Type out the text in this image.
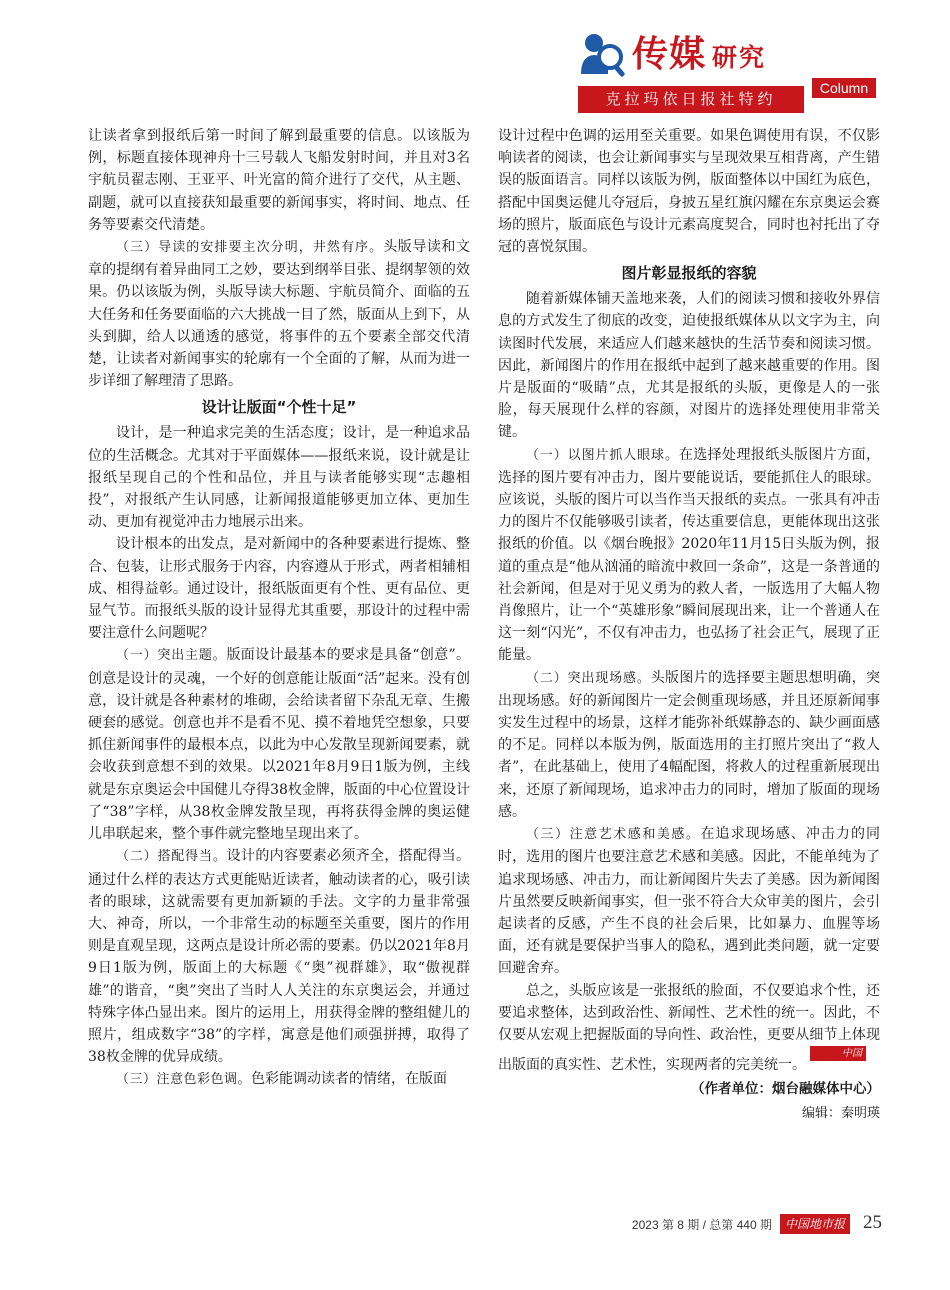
传媒 研究
克拉玛依日报社特约
Column

让读者拿到报纸后第一时间了解到最重要的信息。以该版为例，标题直接体现神舟十三号载人飞船发射时间，并且对3名宇航员翟志刚、王亚平、叶光富的简介进行了交代，从主题、副题，就可以直接获知最重要的新闻事实，将时间、地点、任务等要素交代清楚。

（三）导读的安排要主次分明，井然有序。头版导读和文章的提纲有着异曲同工之妙，要达到纲举目张、提纲挈领的效果。仍以该版为例，头版导读大标题、宇航员简介、面临的五大任务和任务要面临的六大挑战一目了然，版面从上到下，从头到脚，给人以通透的感觉，将事件的五个要素全部交代清楚，让读者对新闻事实的轮廓有一个全面的了解，从而为进一步详细了解理清了思路。

设计让版面“个性十足”

设计，是一种追求完美的生活态度；设计，是一种追求品位的生活概念。尤其对于平面媒体——报纸来说，设计就是让报纸呈现自己的个性和品位，并且与读者能够实现“志趣相投”，对报纸产生认同感，让新闻报道能够更加立体、更加生动、更加有视觉冲击力地展示出来。

设计根本的出发点，是对新闻中的各种要素进行提炼、整合、包装，让形式服务于内容，内容遵从于形式，两者相辅相成、相得益彰。通过设计，报纸版面更有个性、更有品位、更显气节。而报纸头版的设计显得尤其重要，那设计的过程中需要注意什么问题呢？

（一）突出主题。版面设计最基本的要求是具备“创意”。创意是设计的灵魂，一个好的创意能让版面“活”起来。没有创意，设计就是各种素材的堆砌，会给读者留下杂乱无章、生搬硬套的感觉。创意也并不是看不见、摸不着地凭空想象，只要抓住新闻事件的最根本点，以此为中心发散呈现新闻要素，就会收获到意想不到的效果。以2021年8月9日1版为例，主线就是东京奥运会中国健儿夺得38枚金牌，版面的中心位置设计了“38”字样，从38枚金牌发散呈现，再将获得金牌的奥运健儿串联起来，整个事件就完整地呈现出来了。

（二）搭配得当。设计的内容要素必须齐全，搭配得当。通过什么样的表达方式更能贴近读者，触动读者的心，吸引读者的眼球，这就需要有更加新颖的手法。文字的力量非常强大、神奇，所以，一个非常生动的标题至关重要，图片的作用则是直观呈现，这两点是设计所必需的要素。仍以2021年8月9日1版为例，版面上的大标题《“奥”视群雄》，取“傲视群雄”的谐音，“奥”突出了当时人人关注的东京奥运会，并通过特殊字体凸显出来。图片的运用上，用获得金牌的整组健儿的照片，组成数字“38”的字样，寓意是他们顽强拼搏，取得了38枚金牌的优异成绩。

（三）注意色彩色调。色彩能调动读者的情绪，在版面

设计过程中色调的运用至关重要。如果色调使用有误，不仅影响读者的阅读，也会让新闻事实与呈现效果互相背离，产生错误的版面语言。同样以该版为例，版面整体以中国红为底色，搭配中国奥运健儿夺冠后，身披五星红旗闪耀在东京奥运会赛场的照片，版面底色与设计元素高度契合，同时也衬托出了夺冠的喜悦氛围。

图片彰显报纸的容貌

随着新媒体铺天盖地来袭，人们的阅读习惯和接收外界信息的方式发生了彻底的改变，迫使报纸媒体从以文字为主，向读图时代发展，来适应人们越来越快的生活节奏和阅读习惯。因此，新闻图片的作用在报纸中起到了越来越重要的作用。图片是版面的“吸睛”点，尤其是报纸的头版，更像是人的一张脸，每天展现什么样的容颜，对图片的选择处理使用非常关键。

（一）以图片抓人眼球。在选择处理报纸头版图片方面，选择的图片要有冲击力，图片要能说话，要能抓住人的眼球。应该说，头版的图片可以当作当天报纸的卖点。一张具有冲击力的图片不仅能够吸引读者，传达重要信息，更能体现出这张报纸的价值。以《烟台晚报》2020年11月15日头版为例，报道的重点是“他从汹涌的暗流中救回一条命”，这是一条普通的社会新闻，但是对于见义勇为的救人者，一版选用了大幅人物肖像照片，让一个“英雄形象”瞬间展现出来，让一个普通人在这一刻“闪光”，不仅有冲击力，也弘扬了社会正气，展现了正能量。

（二）突出现场感。头版图片的选择要主题思想明确，突出现场感。好的新闻图片一定会侧重现场感，并且还原新闻事实发生过程中的场景，这样才能弥补纸媒静态的、缺少画面感的不足。同样以本版为例，版面选用的主打照片突出了“救人者”，在此基础上，使用了4幅配图，将救人的过程重新展现出来，还原了新闻现场，追求冲击力的同时，增加了版面的现场感。

（三）注意艺术感和美感。在追求现场感、冲击力的同时，选用的图片也要注意艺术感和美感。因此，不能单纯为了追求现场感、冲击力，而让新闻图片失去了美感。因为新闻图片虽然要反映新闻事实，但一张不符合大众审美的图片，会引起读者的反感，产生不良的社会后果，比如暴力、血腥等场面，还有就是要保护当事人的隐私，遇到此类问题，就一定要回避舍弃。

总之，头版应该是一张报纸的脸面，不仅要追求个性，还要追求整体，达到政治性、新闻性、艺术性的统一。因此，不仅要从宏观上把握版面的导向性、政治性，更要从细节上体现出版面的真实性、艺术性，实现两者的完美统一。中国地市报人

（作者单位：烟台融媒体中心）
编辑：秦明瑛
2023 第 8 期 / 总第 440 期	中国地市报人
25
